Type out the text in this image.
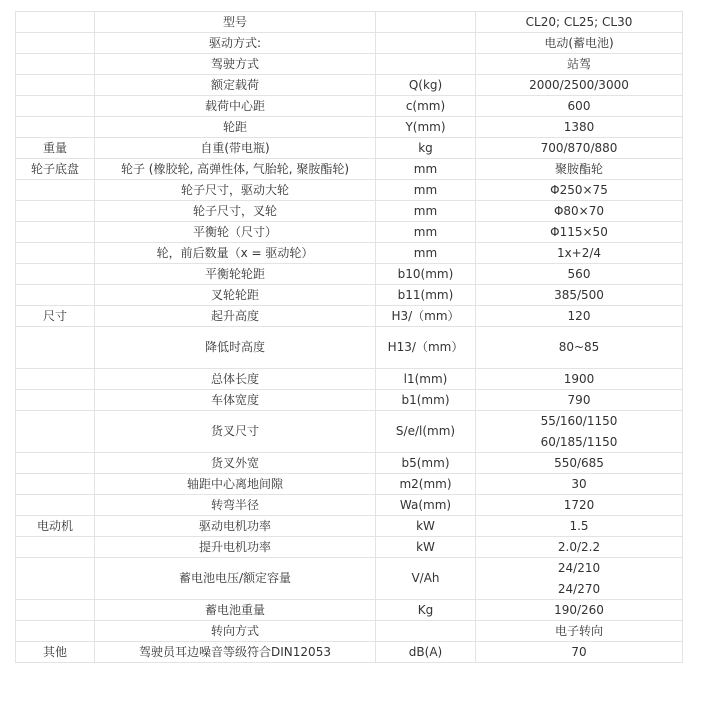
	型号		CL20; CL25; CL30
	驱动方式:		电动(蓄电池)
	驾驶方式		站驾
	额定载荷	Q(kg)	2000/2500/3000
	载荷中心距	c(mm)	600
	轮距	Y(mm)	1380
重量	自重(带电瓶)	kg	700/870/880
轮子底盘	轮子 (橡胶轮, 高弹性体, 气胎轮, 聚胺酯轮)	mm	聚胺酯轮
	轮子尺寸，驱动大轮	mm	Φ250×75
	轮子尺寸，叉轮	mm	Φ80×70
	平衡轮（尺寸）	mm	Φ115×50
	轮，前后数量（x = 驱动轮）	mm	1x+2/4
	平衡轮轮距	b10(mm)	560
	叉轮轮距	b11(mm)	385/500
尺寸	起升高度	H3/（mm）	120
	降低时高度	H13/（mm）	80~85
	总体长度	l1(mm)	1900
	车体宽度	b1(mm)	790
	货叉尺寸	S/e/l(mm)	55/160/1150
60/185/1150

	货叉外宽	b5(mm)	550/685
	轴距中心离地间隙	m2(mm)	30
	转弯半径	Wa(mm)	1720
电动机	驱动电机功率	kW	1.5
	提升电机功率	kW	2.0/2.2
	蓄电池电压/额定容量	V/Ah	24/210
24/270

	蓄电池重量	Kg	190/260
	转向方式		电子转向
其他	驾驶员耳边噪音等级符合DIN12053	dB(A)	70
